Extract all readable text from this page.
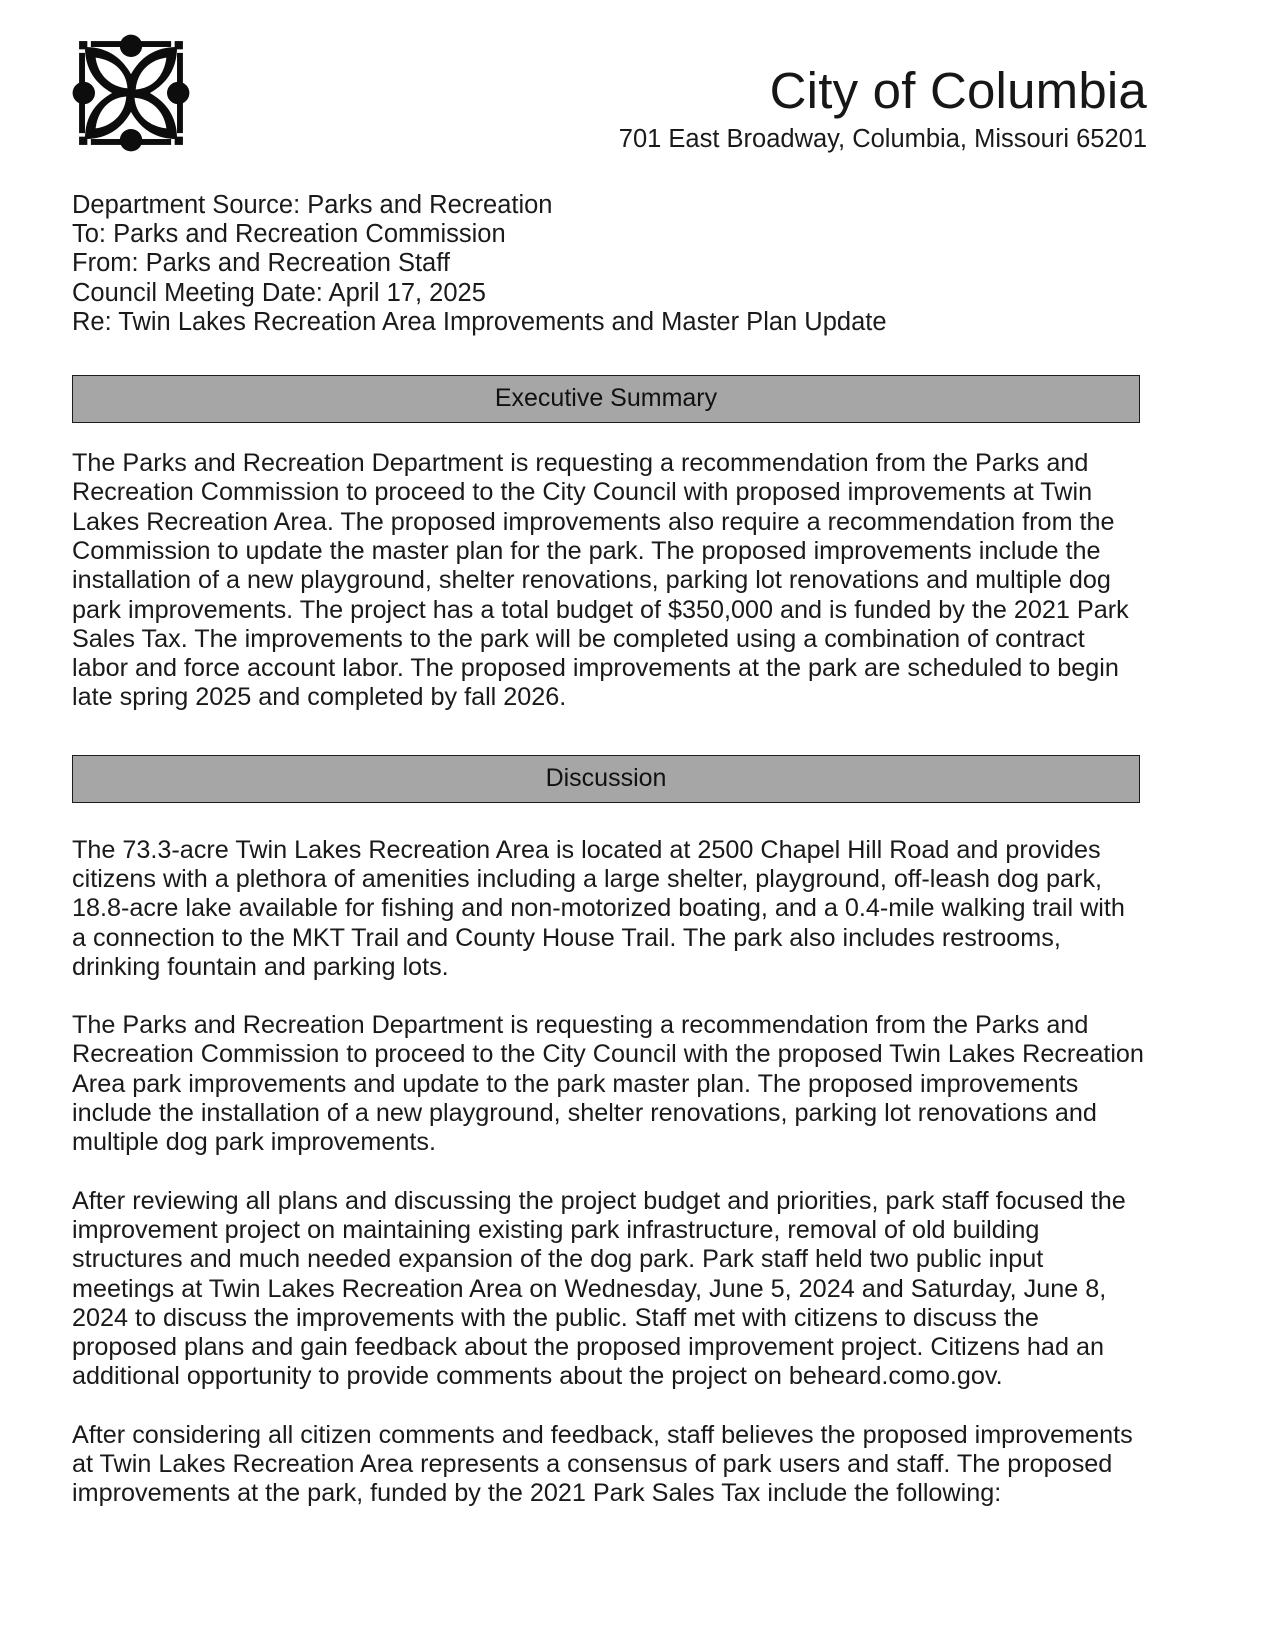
City of Columbia
701 East Broadway, Columbia, Missouri 65201
Department Source: Parks and Recreation
To: Parks and Recreation Commission
From: Parks and Recreation Staff
Council Meeting Date: April 17, 2025
Re: Twin Lakes Recreation Area Improvements and Master Plan Update
Executive Summary

The Parks and Recreation Department is requesting a recommendation from the Parks and Recreation Commission to proceed to the City Council with proposed improvements at Twin Lakes Recreation Area. The proposed improvements also require a recommendation from the Commission to update the master plan for the park. The proposed improvements include the installation of a new playground, shelter renovations, parking lot renovations and multiple dog park improvements. The project has a total budget of $350,000 and is funded by the 2021 Park Sales Tax. The improvements to the park will be completed using a combination of contract labor and force account labor. The proposed improvements at the park are scheduled to begin late spring 2025 and completed by fall 2026.

Discussion

The 73.3-acre Twin Lakes Recreation Area is located at 2500 Chapel Hill Road and provides citizens with a plethora of amenities including a large shelter, playground, off-leash dog park, 18.8-acre lake available for fishing and non-motorized boating, and a 0.4-mile walking trail with a connection to the MKT Trail and County House Trail. The park also includes restrooms, drinking fountain and parking lots.

The Parks and Recreation Department is requesting a recommendation from the Parks and Recreation Commission to proceed to the City Council with the proposed Twin Lakes Recreation Area park improvements and update to the park master plan. The proposed improvements include the installation of a new playground, shelter renovations, parking lot renovations and multiple dog park improvements.

After reviewing all plans and discussing the project budget and priorities, park staff focused the improvement project on maintaining existing park infrastructure, removal of old building structures and much needed expansion of the dog park. Park staff held two public input meetings at Twin Lakes Recreation Area on Wednesday, June 5, 2024 and Saturday, June 8, 2024 to discuss the improvements with the public. Staff met with citizens to discuss the proposed plans and gain feedback about the proposed improvement project. Citizens had an additional opportunity to provide comments about the project on beheard.como.gov.

After considering all citizen comments and feedback, staff believes the proposed improvements at Twin Lakes Recreation Area represents a consensus of park users and staff. The proposed improvements at the park, funded by the 2021 Park Sales Tax include the following:
